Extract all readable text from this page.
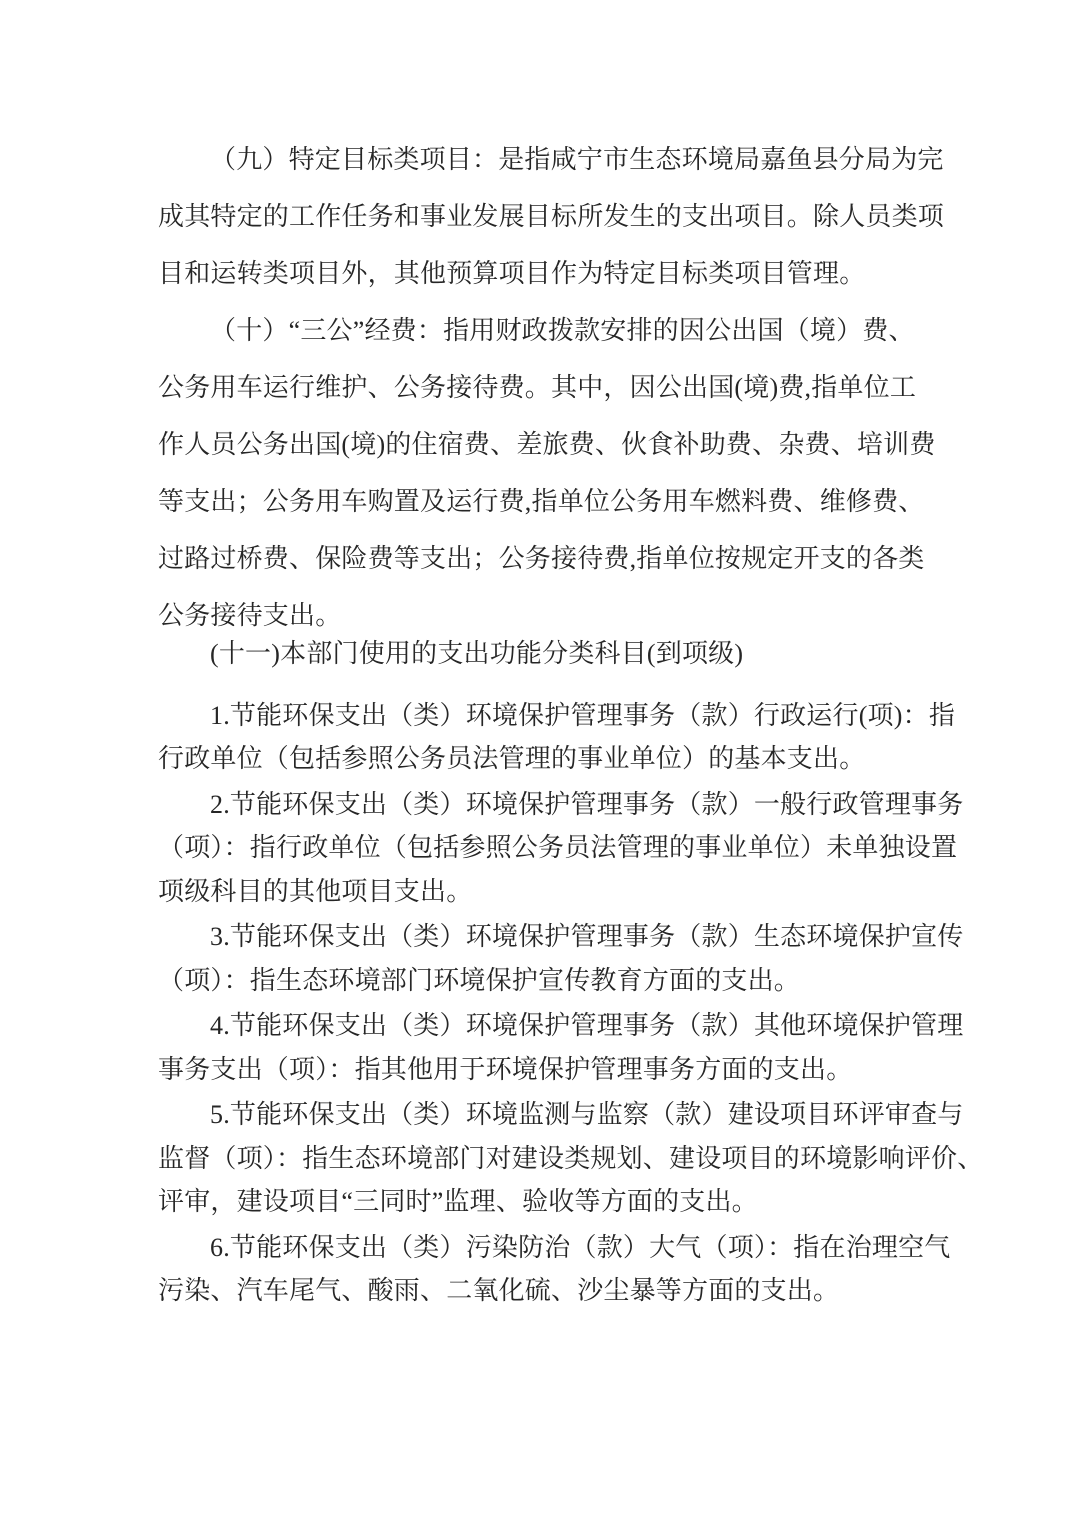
（九）特定目标类项目：是指咸宁市生态环境局嘉鱼县分局为完
成其特定的工作任务和事业发展目标所发生的支出项目。除人员类项
目和运转类项目外，其他预算项目作为特定目标类项目管理。
（十）“三公”经费：指用财政拨款安排的因公出国（境）费、
公务用车运行维护、公务接待费。其中，因公出国(境)费,指单位工
作人员公务出国(境)的住宿费、差旅费、伙食补助费、杂费、培训费
等支出；公务用车购置及运行费,指单位公务用车燃料费、维修费、
过路过桥费、保险费等支出；公务接待费,指单位按规定开支的各类
公务接待支出。
(十一)本部门使用的支出功能分类科目(到项级)
1.节能环保支出（类）环境保护管理事务（款）行政运行(项)：指
行政单位（包括参照公务员法管理的事业单位）的基本支出。
2.节能环保支出（类）环境保护管理事务（款）一般行政管理事务
（项）：指行政单位（包括参照公务员法管理的事业单位）未单独设置
项级科目的其他项目支出。
3.节能环保支出（类）环境保护管理事务（款）生态环境保护宣传
（项）：指生态环境部门环境保护宣传教育方面的支出。
4.节能环保支出（类）环境保护管理事务（款）其他环境保护管理
事务支出（项）：指其他用于环境保护管理事务方面的支出。
5.节能环保支出（类）环境监测与监察（款）建设项目环评审查与
监督（项）：指生态环境部门对建设类规划、建设项目的环境影响评价、
评审，建设项目“三同时”监理、验收等方面的支出。
6.节能环保支出（类）污染防治（款）大气（项）：指在治理空气
污染、汽车尾气、酸雨、二氧化硫、沙尘暴等方面的支出。
